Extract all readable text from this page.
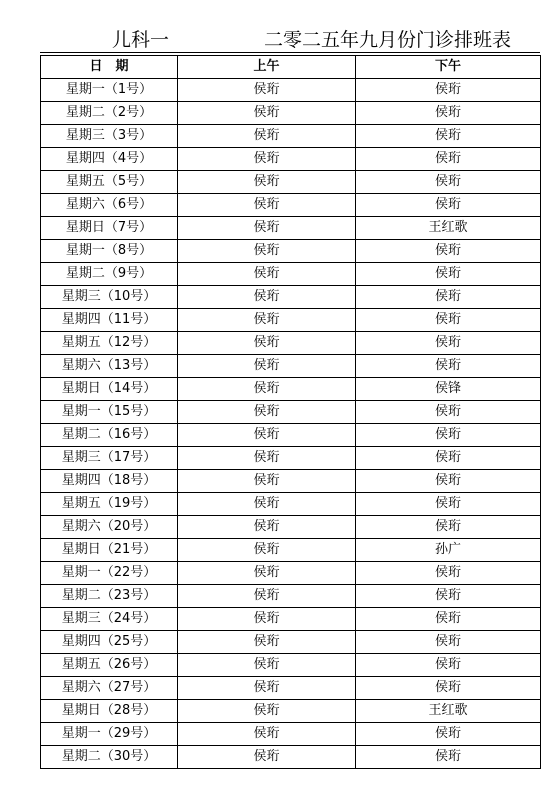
儿科一	二零二五年九月份门诊排班表
日　期	上午	下午
星期一（1号）	侯珩	侯珩
星期二（2号）	侯珩	侯珩
星期三（3号）	侯珩	侯珩
星期四（4号）	侯珩	侯珩
星期五（5号）	侯珩	侯珩
星期六（6号）	侯珩	侯珩
星期日（7号）	侯珩	王红歌
星期一（8号）	侯珩	侯珩
星期二（9号）	侯珩	侯珩
星期三（10号）	侯珩	侯珩
星期四（11号）	侯珩	侯珩
星期五（12号）	侯珩	侯珩
星期六（13号）	侯珩	侯珩
星期日（14号）	侯珩	侯锋
星期一（15号）	侯珩	侯珩
星期二（16号）	侯珩	侯珩
星期三（17号）	侯珩	侯珩
星期四（18号）	侯珩	侯珩
星期五（19号）	侯珩	侯珩
星期六（20号）	侯珩	侯珩
星期日（21号）	侯珩	孙广
星期一（22号）	侯珩	侯珩
星期二（23号）	侯珩	侯珩
星期三（24号）	侯珩	侯珩
星期四（25号）	侯珩	侯珩
星期五（26号）	侯珩	侯珩
星期六（27号）	侯珩	侯珩
星期日（28号）	侯珩	王红歌
星期一（29号）	侯珩	侯珩
星期二（30号）	侯珩	侯珩
